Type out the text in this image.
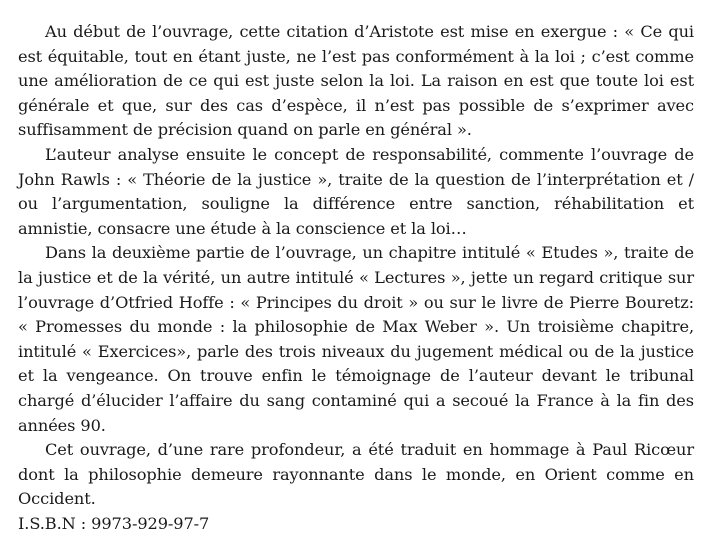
Au début de l’ouvrage, cette citation d’Aristote est mise en exergue : « Ce qui est équitable, tout en étant juste, ne l’est pas conformément à la loi ; c’est comme une amélioration de ce qui est juste selon la loi. La raison en est que toute loi est générale et que, sur des cas d’espèce, il n’est pas possible de s’exprimer avec suffisamment de précision quand on parle en général ».

L’auteur analyse ensuite le concept de responsabilité, commente l’ouvrage de John Rawls : « Théorie de la justice », traite de la question de l’interprétation et / ou l’argumentation, souligne la différence entre sanction, réhabilitation et amnistie, consacre une étude à la conscience et la loi…

Dans la deuxième partie de l’ouvrage, un chapitre intitulé « Etudes », traite de la justice et de la vérité, un autre intitulé « Lectures », jette un regard critique sur l’ouvrage d’Otfried Hoffe : « Principes du droit » ou sur le livre de Pierre Bouretz: « Promesses du monde : la philosophie de Max Weber ». Un troisième chapitre, intitulé « Exercices», parle des trois niveaux du jugement médical ou de la justice et la vengeance. On trouve enfin le témoignage de l’auteur devant le tribunal chargé d’élucider l’affaire du sang contaminé qui a secoué la France à la fin des années 90.

Cet ouvrage, d’une rare profondeur, a été traduit en hommage à Paul Ricœur dont la philosophie demeure rayonnante dans le monde, en Orient comme en Occident.

I.S.B.N : 9973-929-97-7
